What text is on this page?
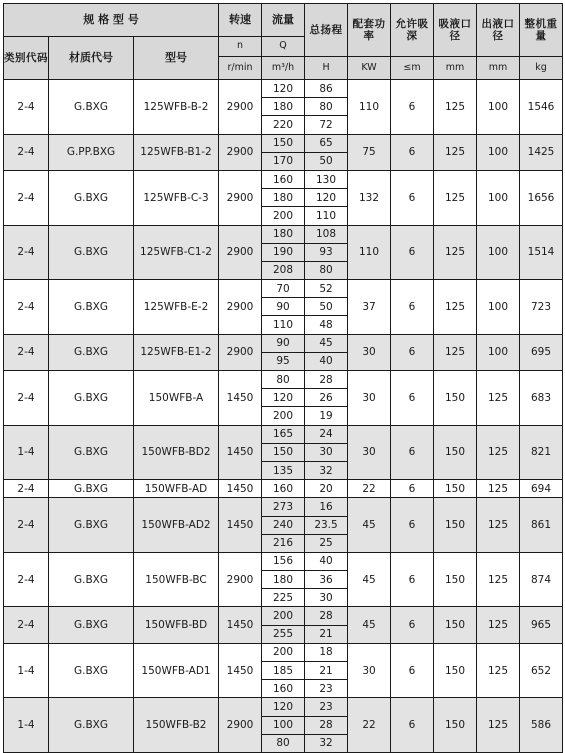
规 格 型 号			转速	流量	总扬程	配套功率	允许吸深	吸液口径	出液口径	整机重量
类别代码	材质代号	型号	n	Q						
			r/min	m³/h	H	KW	≤m	mm	mm	kg
2-4	G.BXG	125WFB-B-2	2900	120	86	110	6	125	100	1546
				180	80					
				220	72					
2-4	G.PP.BXG	125WFB-B1-2	2900	150	65	75	6	125	100	1425
				170	50					
2-4	G.BXG	125WFB-C-3	2900	160	130	132	6	125	100	1656
				180	120					
				200	110					
2-4	G.BXG	125WFB-C1-2	2900	180	108	110	6	125	100	1514
				190	93					
				208	80					
2-4	G.BXG	125WFB-E-2	2900	70	52	37	6	125	100	723
				90	50					
				110	48					
2-4	G.BXG	125WFB-E1-2	2900	90	45	30	6	125	100	695
				95	40					
2-4	G.BXG	150WFB-A	1450	80	28	30	6	150	125	683
				120	26					
				200	19					
1-4	G.BXG	150WFB-BD2	1450	165	24	30	6	150	125	821
				150	30					
				135	32					
2-4	G.BXG	150WFB-AD	1450	160	20	22	6	150	125	694
2-4	G.BXG	150WFB-AD2	1450	273	16	45	6	150	125	861
				240	23.5					
				216	25					
2-4	G.BXG	150WFB-BC	2900	156	40	45	6	150	125	874
				180	36					
				225	30					
2-4	G.BXG	150WFB-BD	1450	200	28	45	6	150	125	965
				255	21					
1-4	G.BXG	150WFB-AD1	1450	200	18	30	6	150	125	652
				185	21					
				160	23					
1-4	G.BXG	150WFB-B2	2900	120	23	22	6	150	125	586
				100	28					
				80	32					
